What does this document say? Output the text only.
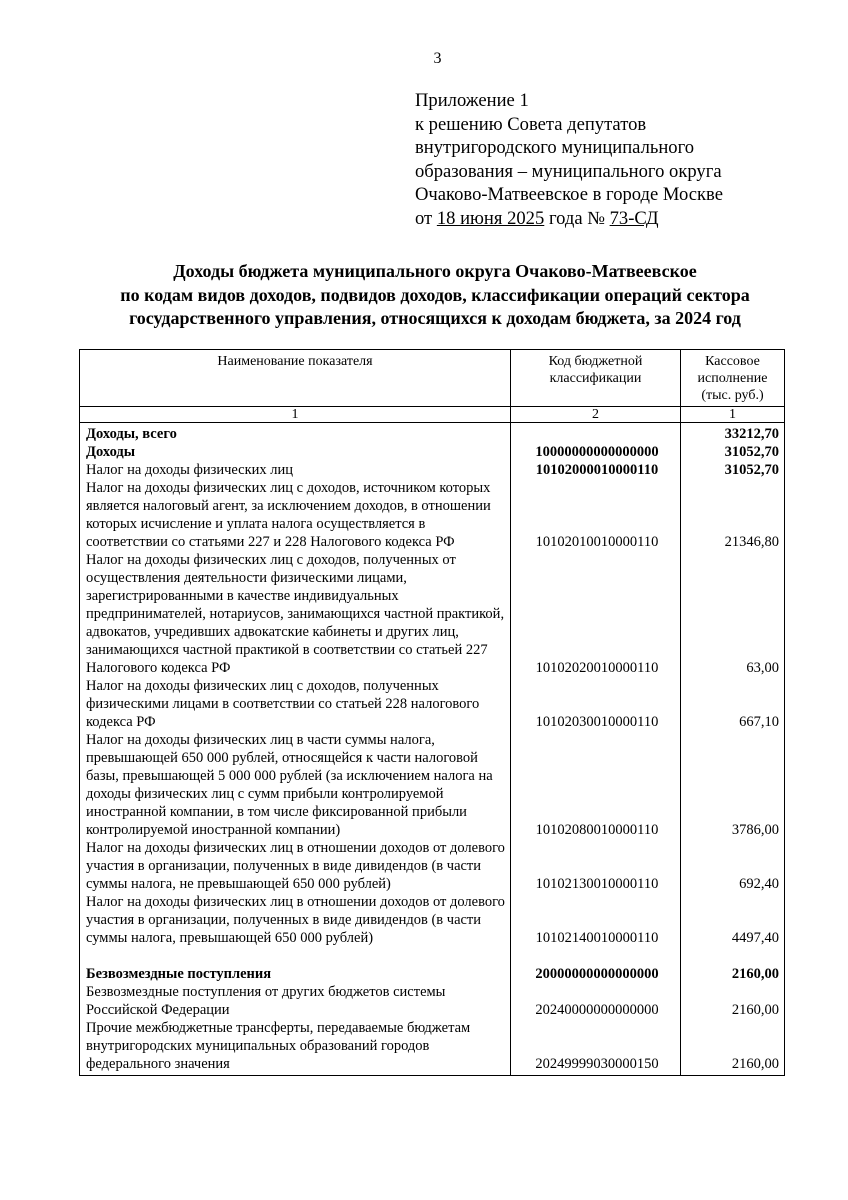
3
Приложение 1
к решению Совета депутатов
внутригородского муниципального
образования – муниципального округа
Очаково-Матвеевское в городе Москве
от 18 июня 2025 года № 73-СД
Доходы бюджета муниципального округа Очаково-Матвеевское
по кодам видов доходов, подвидов доходов, классификации операций сектора
государственного управления, относящихся к доходам бюджета, за 2024 год
Наименование показателя	Код бюджетной классификации	Кассовое исполнение (тыс. руб.)
1	2	1
Доходы, всего		33212,70
Доходы	10000000000000000	31052,70
Налог на доходы физических лиц	10102000010000110	31052,70
Налог на доходы физических лиц с доходов, источником которых является налоговый агент, за исключением доходов, в отношении которых исчисление и уплата налога осуществляется в соответствии со статьями 227 и 228 Налогового кодекса РФ	10102010010000110	21346,80
Налог на доходы физических лиц с доходов, полученных от осуществления деятельности физическими лицами, зарегистрированными в качестве индивидуальных предпринимателей, нотариусов, занимающихся частной практикой, адвокатов, учредивших адвокатские кабинеты и других лиц, занимающихся частной практикой в соответствии со статьей 227 Налогового кодекса РФ	10102020010000110	63,00
Налог на доходы физических лиц с доходов, полученных физическими лицами в соответствии со статьей 228 налогового кодекса РФ	10102030010000110	667,10
Налог на доходы физических лиц в части суммы налога, превышающей 650 000 рублей, относящейся к части налоговой базы, превышающей 5 000 000 рублей (за исключением налога на доходы физических лиц с сумм прибыли контролируемой иностранной компании, в том числе фиксированной прибыли контролируемой иностранной компании)	10102080010000110	3786,00
Налог на доходы физических лиц в отношении доходов от долевого участия в организации, полученных в виде дивидендов (в части суммы налога, не превышающей 650 000 рублей)	10102130010000110	692,40
Налог на доходы физических лиц в отношении доходов от долевого участия в организации, полученных в виде дивидендов (в части суммы налога, превышающей 650 000 рублей)	10102140010000110	4497,40
Безвозмездные поступления	20000000000000000	2160,00
Безвозмездные поступления от других бюджетов системы Российской Федерации	20240000000000000	2160,00
Прочие межбюджетные трансферты, передаваемые бюджетам внутригородских муниципальных образований городов федерального значения	20249999030000150	2160,00
